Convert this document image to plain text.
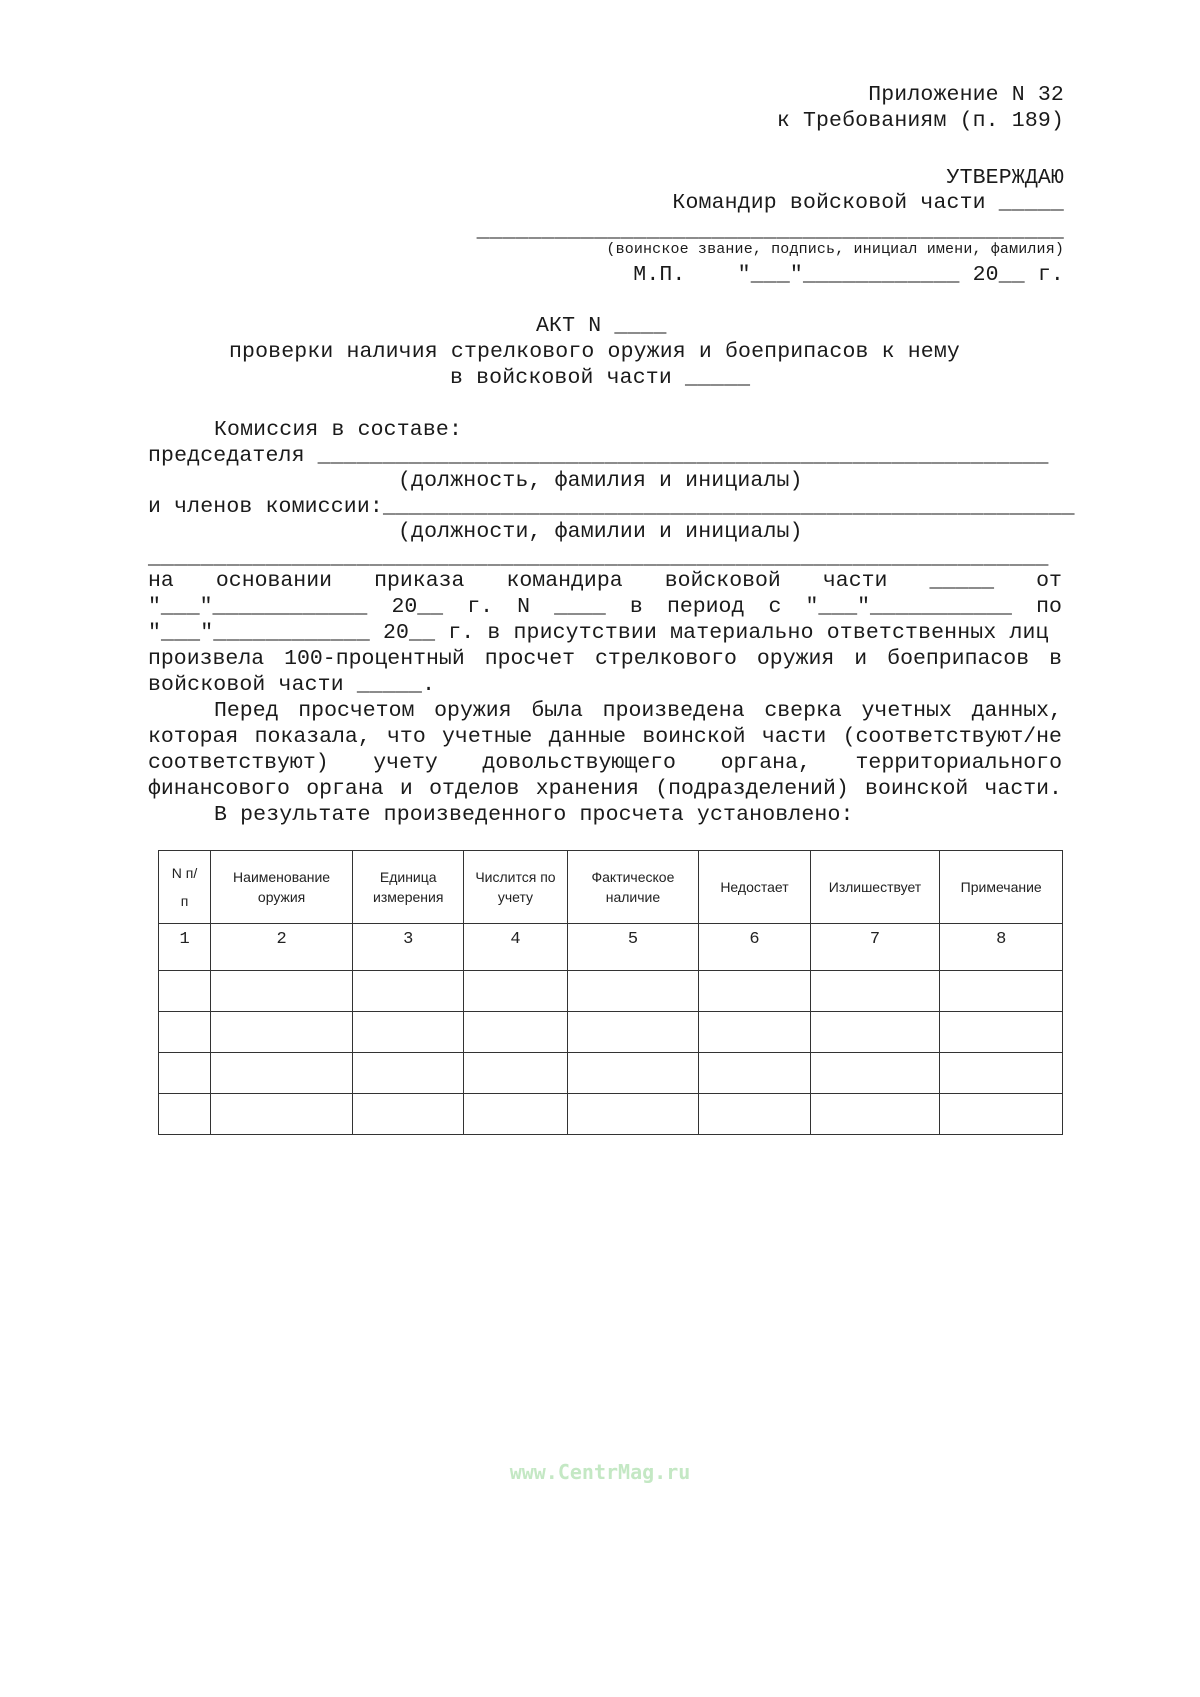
Приложение N 32
к Требованиям (п. 189)
УТВЕРЖДАЮ
Командир войсковой части _____
_____________________________________________
(воинское звание, подпись, инициал имени, фамилия)
М.П.    "___"____________ 20__ г.
АКТ N ____
проверки наличия стрелкового оружия и боеприпасов к нему
в войсковой части _____
Комиссия в составе:
председателя ________________________________________________________
(должность, фамилия и инициалы)
и членов комиссии:_____________________________________________________
(должности, фамилии и инициалы)
_____________________________________________________________________
на основании приказа командира войсковой части _____ от
"___"____________ 20__ г. N ____ в период с "___"___________ по
"___"____________ 20__ г. в присутствии материально ответственных лиц
произвела 100-процентный просчет стрелкового оружия и боеприпасов в
войсковой части _____.
Перед просчетом оружия была произведена сверка учетных данных,
которая показала, что учетные данные воинской части (соответствуют/не
соответствуют) учету довольствующего органа, территориального
финансового органа и отделов хранения (подразделений) воинской части.
В результате произведенного просчета установлено:
N п/п	Наименование оружия	Единица измерения	Числится по учету	Фактическое наличие	Недостает	Излишествует	Примечание
1	2	3	4	5	6	7	8

www.CentrMag.ru
